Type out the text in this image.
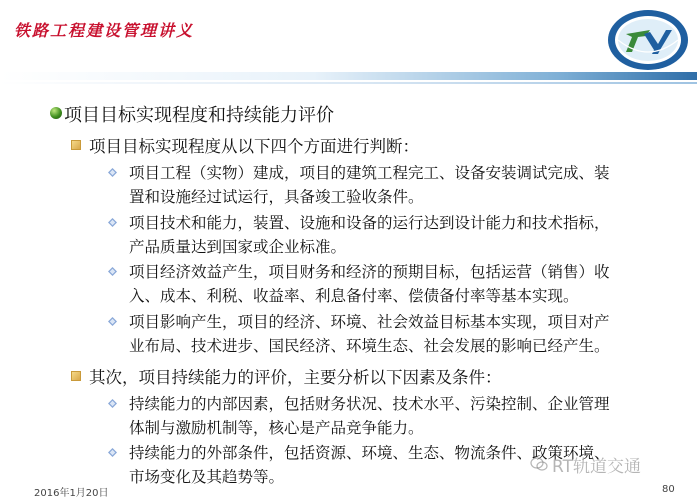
铁路工程建设管理讲义
项目目标实现程度和持续能力评价
项目目标实现程度从以下四个方面进行判断：
项目工程（实物）建成，项目的建筑工程完工、设备安装调试完成、装
置和设施经过试运行，具备竣工验收条件。
项目技术和能力，装置、设施和设备的运行达到设计能力和技术指标，
产品质量达到国家或企业标准。
项目经济效益产生，项目财务和经济的预期目标，包括运营（销售）收
入、成本、利税、收益率、利息备付率、偿债备付率等基本实现。
项目影响产生，项目的经济、环境、社会效益目标基本实现，项目对产
业布局、技术进步、国民经济、环境生态、社会发展的影响已经产生。
其次，项目持续能力的评价，主要分析以下因素及条件：
持续能力的内部因素，包括财务状况、技术水平、污染控制、企业管理
体制与激励机制等，核心是产品竞争能力。
持续能力的外部条件，包括资源、环境、生态、物流条件、政策环境、
市场变化及其趋势等。	RT轨道交通
2016年1月20日	80
